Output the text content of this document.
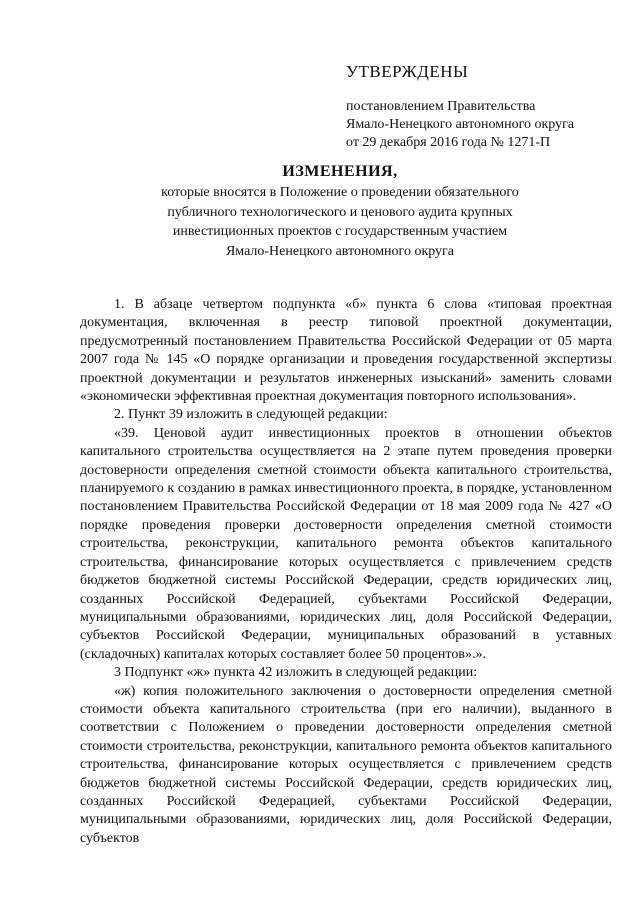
УТВЕРЖДЕНЫ
постановлением Правительства
Ямало-Ненецкого автономного округа
от 29 декабря 2016 года № 1271-П
ИЗМЕНЕНИЯ,
которые вносятся в Положение о проведении обязательного
публичного технологического и ценового аудита крупных
инвестиционных проектов с государственным участием
Ямало-Ненецкого автономного округа

1. В абзаце четвертом подпункта «б» пункта 6 слова «типовая проектная документация, включенная в реестр типовой проектной документации, предусмотренный постановлением Правительства Российской Федерации от 05 марта 2007 года № 145 «О порядке организации и проведения государственной экспертизы проектной документации и результатов инженерных изысканий» заменить словами «экономически эффективная проектная документация повторного использования».

2. Пункт 39 изложить в следующей редакции:

«39. Ценовой аудит инвестиционных проектов в отношении объектов капитального строительства осуществляется на 2 этапе путем проведения проверки достоверности определения сметной стоимости объекта капитального строительства, планируемого к созданию в рамках инвестиционного проекта, в порядке, установленном постановлением Правительства Российской Федерации от 18 мая 2009 года № 427 «О порядке проведения проверки достоверности определения сметной стоимости строительства, реконструкции, капитального ремонта объектов капитального строительства, финансирование которых осуществляется с привлечением средств бюджетов бюджетной системы Российской Федерации, средств юридических лиц, созданных Российской Федерацией, субъектами Российской Федерации, муниципальными образованиями, юридических лиц, доля Российской Федерации, субъектов Российской Федерации, муниципальных образований в уставных (складочных) капиталах которых составляет более 50 процентов».».

3 Подпункт «ж» пункта 42 изложить в следующей редакции:

«ж) копия положительного заключения о достоверности определения сметной стоимости объекта капитального строительства (при его наличии), выданного в соответствии с Положением о проведении достоверности определения сметной стоимости строительства, реконструкции, капитального ремонта объектов капитального строительства, финансирование которых осуществляется с привлечением средств бюджетов бюджетной системы Российской Федерации, средств юридических лиц, созданных Российской Федерацией, субъектами Российской Федерации, муниципальными образованиями, юридических лиц, доля Российской Федерации, субъектов
